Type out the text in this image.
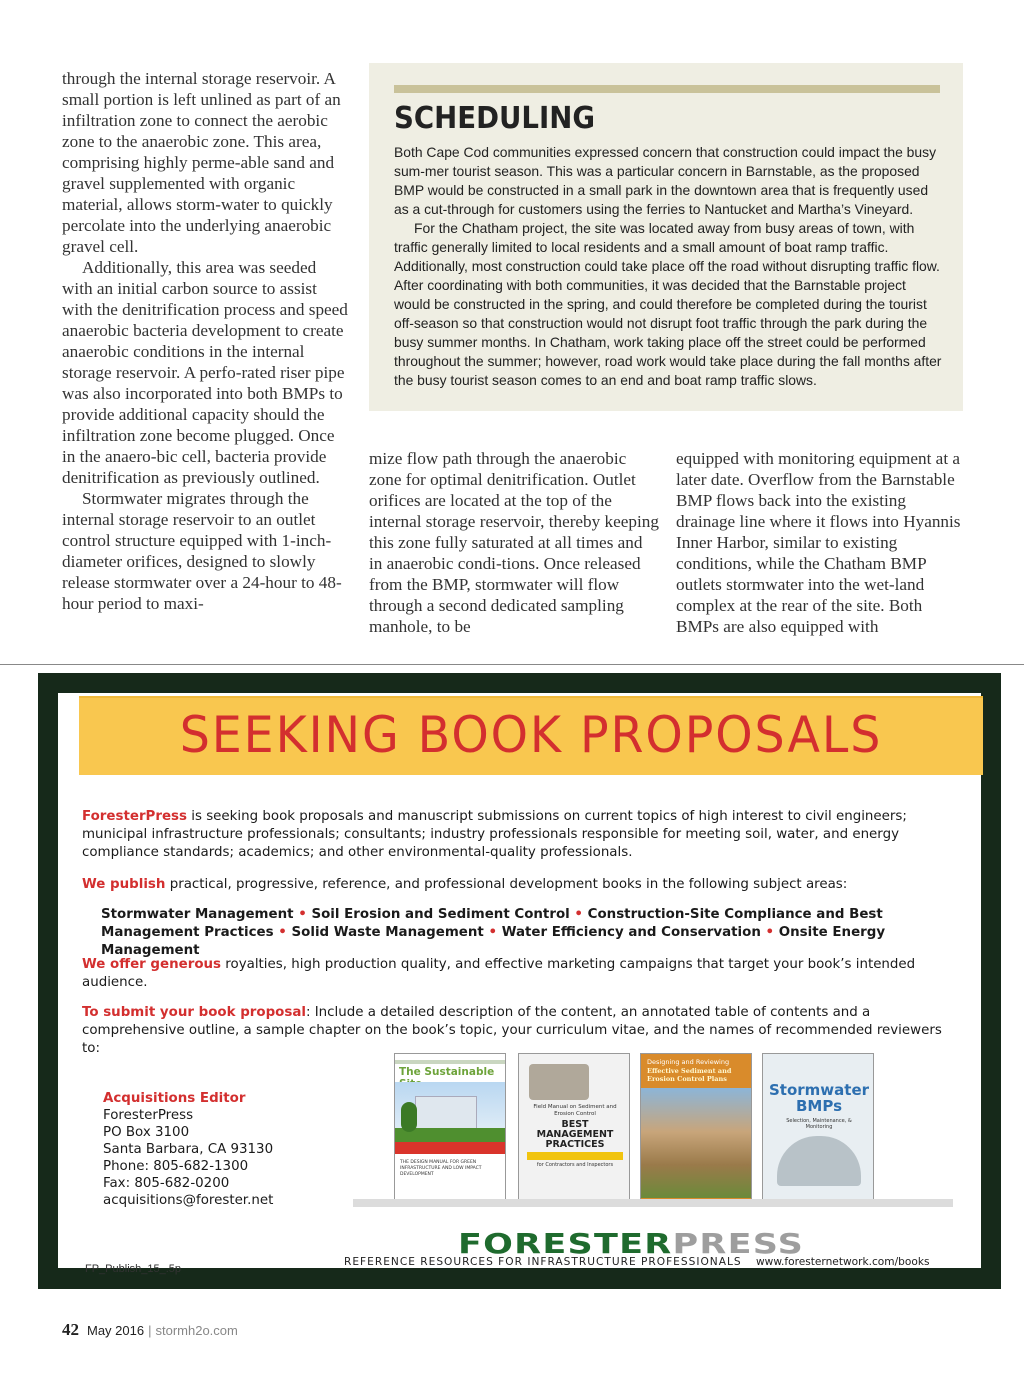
through the internal storage reservoir. A small portion is left unlined as part of an infiltration zone to connect the aerobic zone to the anaerobic zone. This area, comprising highly perme-able sand and gravel supplemented with organic material, allows storm-water to quickly percolate into the underlying anaerobic gravel cell.

Additionally, this area was seeded with an initial carbon source to assist with the denitrification process and speed anaerobic bacteria development to create anaerobic conditions in the internal storage reservoir. A perfo-rated riser pipe was also incorporated into both BMPs to provide additional capacity should the infiltration zone become plugged. Once in the anaero-bic cell, bacteria provide denitrification as previously outlined.

Stormwater migrates through the internal storage reservoir to an outlet control structure equipped with 1-inch-diameter orifices, designed to slowly release stormwater over a 24-hour to 48-hour period to maxi-

SCHEDULING

Both Cape Cod communities expressed concern that construction could impact the busy sum-mer tourist season. This was a particular concern in Barnstable, as the proposed BMP would be constructed in a small park in the downtown area that is frequently used as a cut-through for customers using the ferries to Nantucket and Martha’s Vineyard.

For the Chatham project, the site was located away from busy areas of town, with traffic generally limited to local residents and a small amount of boat ramp traffic. Additionally, most construction could take place off the road without disrupting traffic flow. After coordinating with both communities, it was decided that the Barnstable project would be constructed in the spring, and could therefore be completed during the tourist off-season so that construction would not disrupt foot traffic through the park during the busy summer months. In Chatham, work taking place off the street could be performed throughout the summer; however, road work would take place during the fall months after the busy tourist season comes to an end and boat ramp traffic slows.

mize flow path through the anaerobic zone for optimal denitrification. Outlet orifices are located at the top of the internal storage reservoir, thereby keeping this zone fully saturated at all times and in anaerobic condi-tions. Once released from the BMP, stormwater will flow through a second dedicated sampling manhole, to be

equipped with monitoring equipment at a later date. Overflow from the Barnstable BMP flows back into the existing drainage line where it flows into Hyannis Inner Harbor, similar to existing conditions, while the Chatham BMP outlets stormwater into the wet-land complex at the rear of the site. Both BMPs are also equipped with

SEEKING BOOK PROPOSALS

ForesterPress is seeking book proposals and manuscript submissions on current topics of high interest to civil engineers; municipal infrastructure professionals; consultants; industry professionals responsible for meeting soil, water, and energy compliance standards; academics; and other environmental-quality professionals.

We publish practical, progressive, reference, and professional development books in the following subject areas:

Stormwater Management • Soil Erosion and Sediment Control • Construction-Site Compliance and Best Management Practices • Solid Waste Management • Water Efficiency and Conservation • Onsite Energy Management

We offer generous royalties, high production quality, and effective marketing campaigns that target your book’s intended audience.

To submit your book proposal: Include a detailed description of the content, an annotated table of contents and a comprehensive outline, a sample chapter on the book’s topic, your curriculum vitae, and the names of recommended reviewers to:

Acquisitions Editor

ForesterPress

PO Box 3100

Santa Barbara, CA 93130

Phone: 805-682-1300

Fax: 805-682-0200

acquisitions@forester.net

The Sustainable
THE DESIGN MANUAL FOR GREEN INFRASTRUCTURE AND LOW IMPACT DEVELOPMENT
Field Manual on Sediment and Erosion Control
BEST MANAGEMENT PRACTICES
for Contractors and Inspectors
Designing and Reviewing
Effective Sediment and Erosion Control Plans
Stormwater BMPs
Selection, Maintenance, & Monitoring
FORESTERPRESS
REFERENCE RESOURCES FOR INFRASTRUCTURE PROFESSIONALS www.foresternetwork.com/books
FP_Publish_15_.5p
42 May 2016 | stormh2o.com
